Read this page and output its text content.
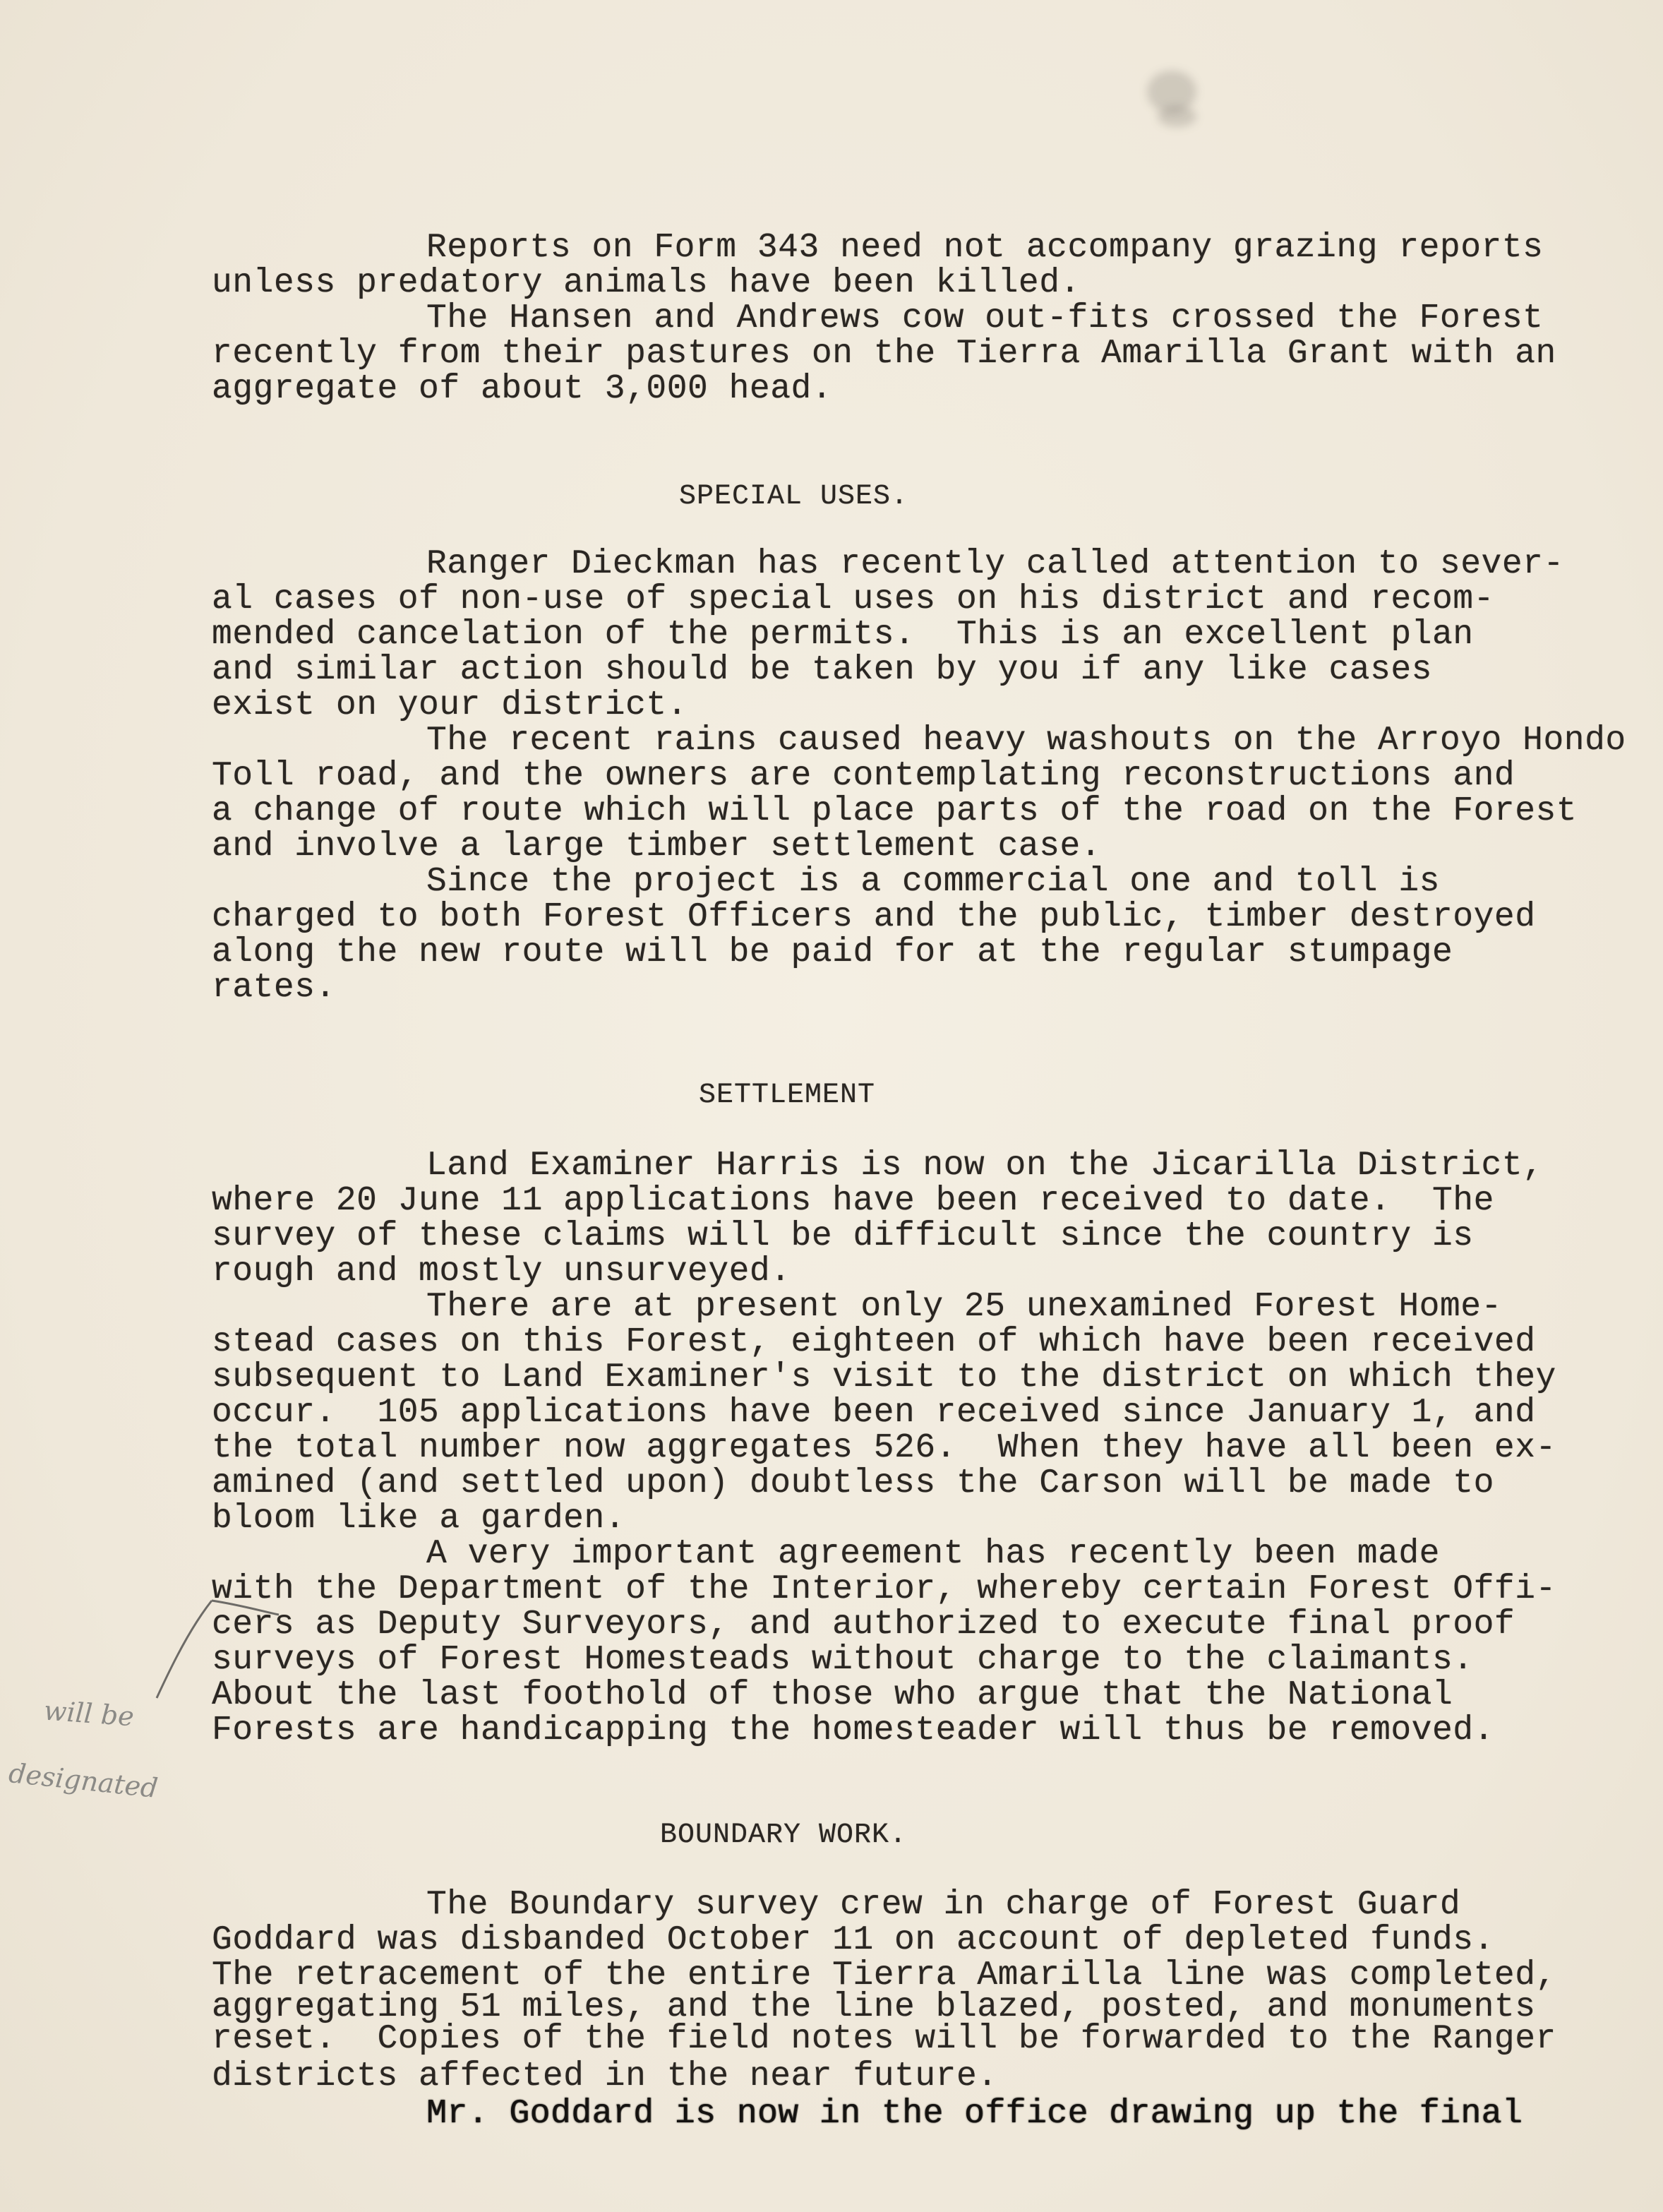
Reports on Form 343 need not accompany grazing reports
unless predatory animals have been killed.
The Hansen and Andrews cow out-fits crossed the Forest
recently from their pastures on the Tierra Amarilla Grant with an
aggregate of about 3,000 head.
SPECIAL USES.
Ranger Dieckman has recently called attention to sever-
al cases of non-use of special uses on his district and recom-
mended cancelation of the permits.  This is an excellent plan
and similar action should be taken by you if any like cases
exist on your district.
The recent rains caused heavy washouts on the Arroyo Hondo
Toll road, and the owners are contemplating reconstructions and
a change of route which will place parts of the road on the Forest
and involve a large timber settlement case.
Since the project is a commercial one and toll is
charged to both Forest Officers and the public, timber destroyed
along the new route will be paid for at the regular stumpage
rates.
SETTLEMENT
Land Examiner Harris is now on the Jicarilla District,
where 20 June 11 applications have been received to date.  The
survey of these claims will be difficult since the country is
rough and mostly unsurveyed.
There are at present only 25 unexamined Forest Home-
stead cases on this Forest, eighteen of which have been received
subsequent to Land Examiner's visit to the district on which they
occur.  105 applications have been received since January 1, and
the total number now aggregates 526.  When they have all been ex-
amined (and settled upon) doubtless the Carson will be made to
bloom like a garden.
A very important agreement has recently been made
with the Department of the Interior, whereby certain Forest Offi-
cers as Deputy Surveyors, and authorized to execute final proof
surveys of Forest Homesteads without charge to the claimants.
About the last foothold of those who argue that the National
Forests are handicapping the homesteader will thus be removed.
will be
designated
BOUNDARY WORK.
The Boundary survey crew in charge of Forest Guard
Goddard was disbanded October 11 on account of depleted funds.
The retracement of the entire Tierra Amarilla line was completed,
aggregating 51 miles, and the line blazed, posted, and monuments
reset.  Copies of the field notes will be forwarded to the Ranger
districts affected in the near future.
Mr. Goddard is now in the office drawing up the final
